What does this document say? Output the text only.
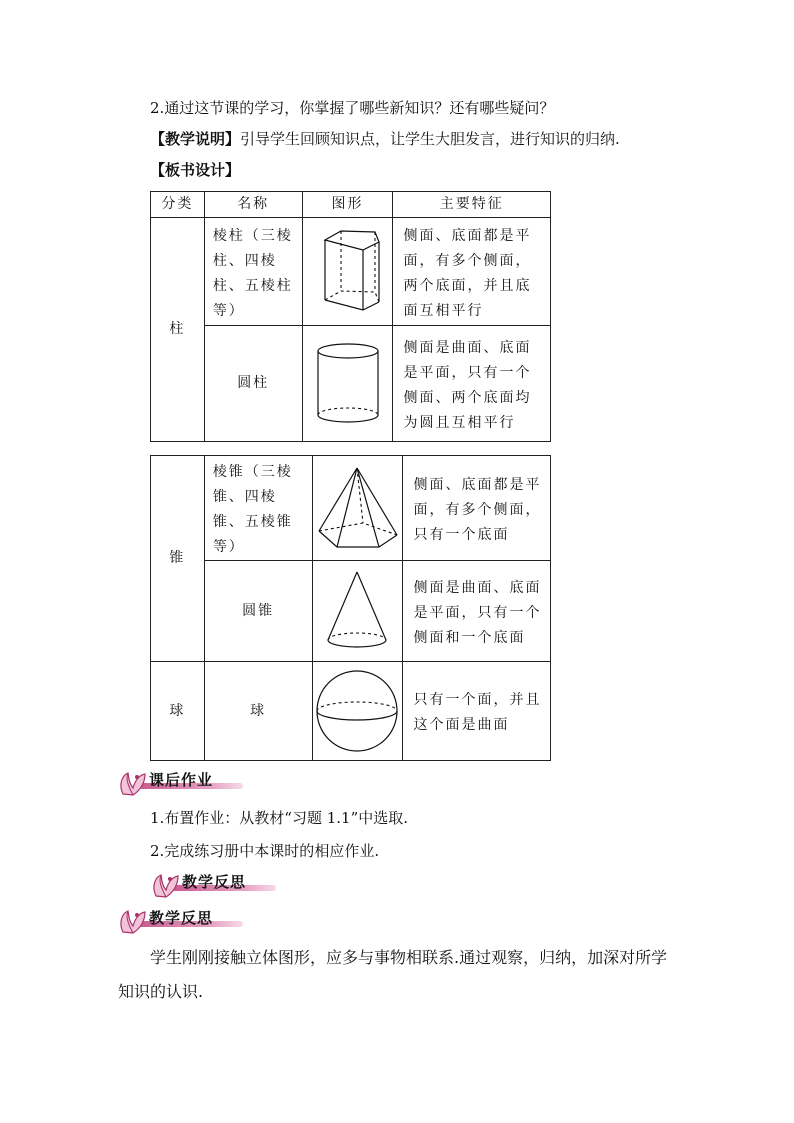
2.通过这节课的学习，你掌握了哪些新知识？还有哪些疑问？
【教学说明】引导学生回顾知识点，让学生大胆发言，进行知识的归纳.
【板书设计】
分类	名称	图形	主要特征
柱	棱柱（三棱柱、四棱柱、五棱柱等）		侧面、底面都是平面，有多个侧面，两个底面，并且底面互相平行
	圆柱		侧面是曲面、底面是平面，只有一个侧面、两个底面均为圆且互相平行
锥	棱锥（三棱锥、四棱锥、五棱锥等）		侧面、底面都是平面，有多个侧面，只有一个底面
	圆锥		侧面是曲面、底面是平面，只有一个侧面和一个底面
球	球		只有一个面，并且这个面是曲面
课后作业
1.布置作业：从教材“习题 1.1”中选取.
2.完成练习册中本课时的相应作业.
教学反思
教学反思
学生刚刚接触立体图形，应多与事物相联系.通过观察，归纳，加深对所学
知识的认识.
